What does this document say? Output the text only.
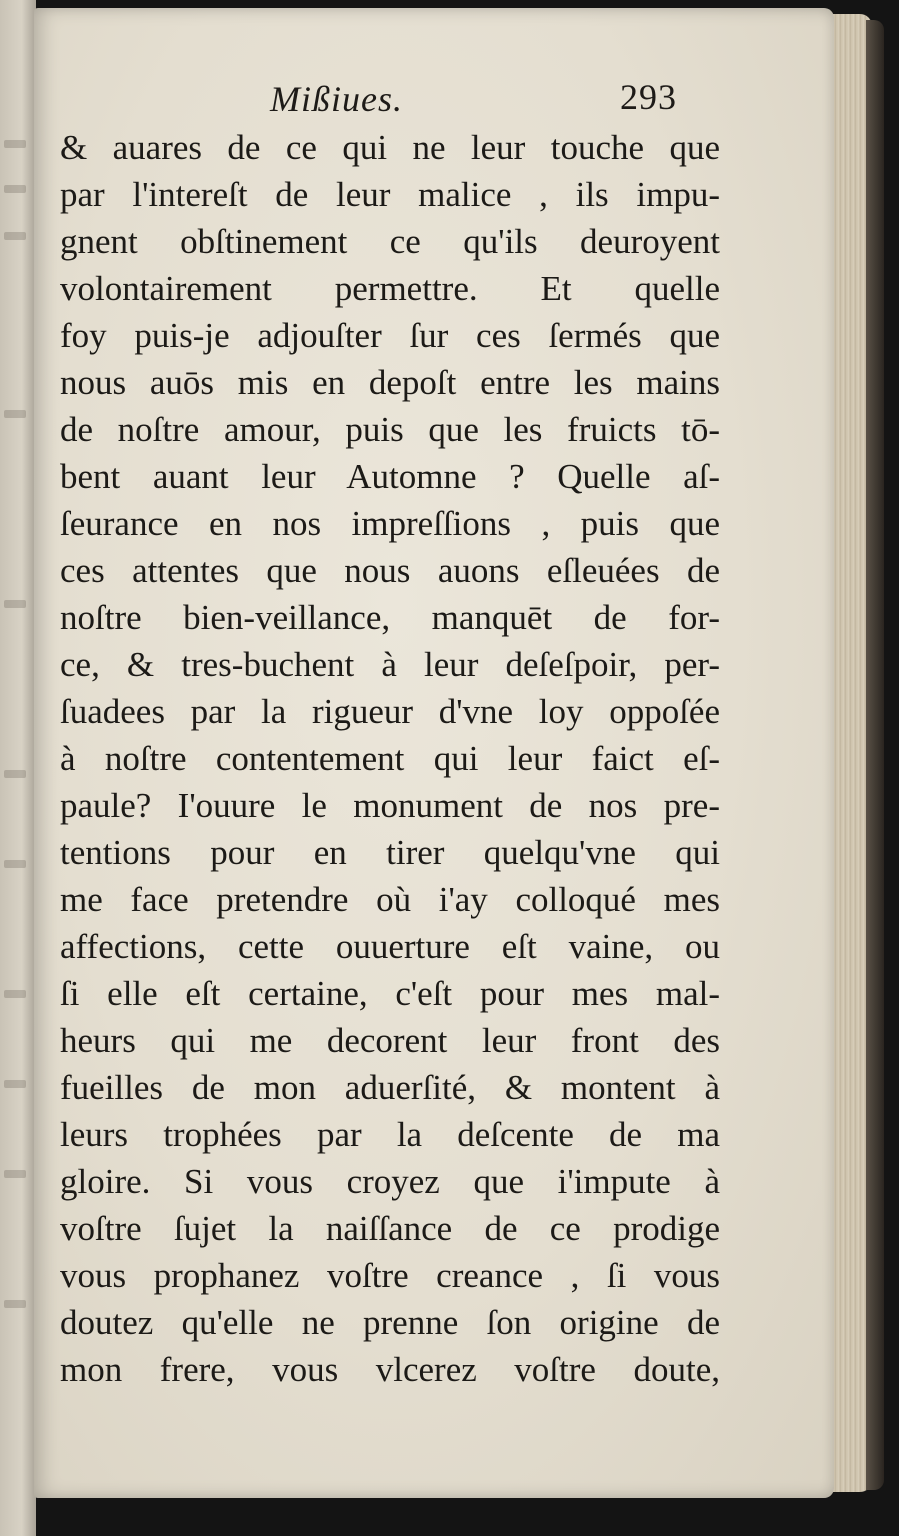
Mißiues.	293
& auares de ce qui ne leur touche que
par l'intereſt de leur malice , ils impu-
gnent obſtinement ce qu'ils deuroyent
volontairement permettre. Et quelle
foy puis-je adjouſter ſur ces ſermés que
nous auōs mis en depoſt entre les mains
de noſtre amour, puis que les fruicts tō-
bent auant leur Automne ? Quelle aſ-
ſeurance en nos impreſſions , puis que
ces attentes que nous auons eſleuées de
noſtre bien-veillance, manquēt de for-
ce, & tres-buchent à leur deſeſpoir, per-
ſuadees par la rigueur d'vne loy oppoſée
à noſtre contentement qui leur faict eſ-
paule? I'ouure le monument de nos pre-
tentions pour en tirer quelqu'vne qui
me face pretendre où i'ay colloqué mes
affections, cette ouuerture eſt vaine, ou
ſi elle eſt certaine, c'eſt pour mes mal-
heurs qui me decorent leur front des
fueilles de mon aduerſité, & montent à
leurs trophées par la deſcente de ma
gloire. Si vous croyez que i'impute à
voſtre ſujet la naiſſance de ce prodige
vous prophanez voſtre creance , ſi vous
doutez qu'elle ne prenne ſon origine de
mon frere, vous vlcerez voſtre doute,
